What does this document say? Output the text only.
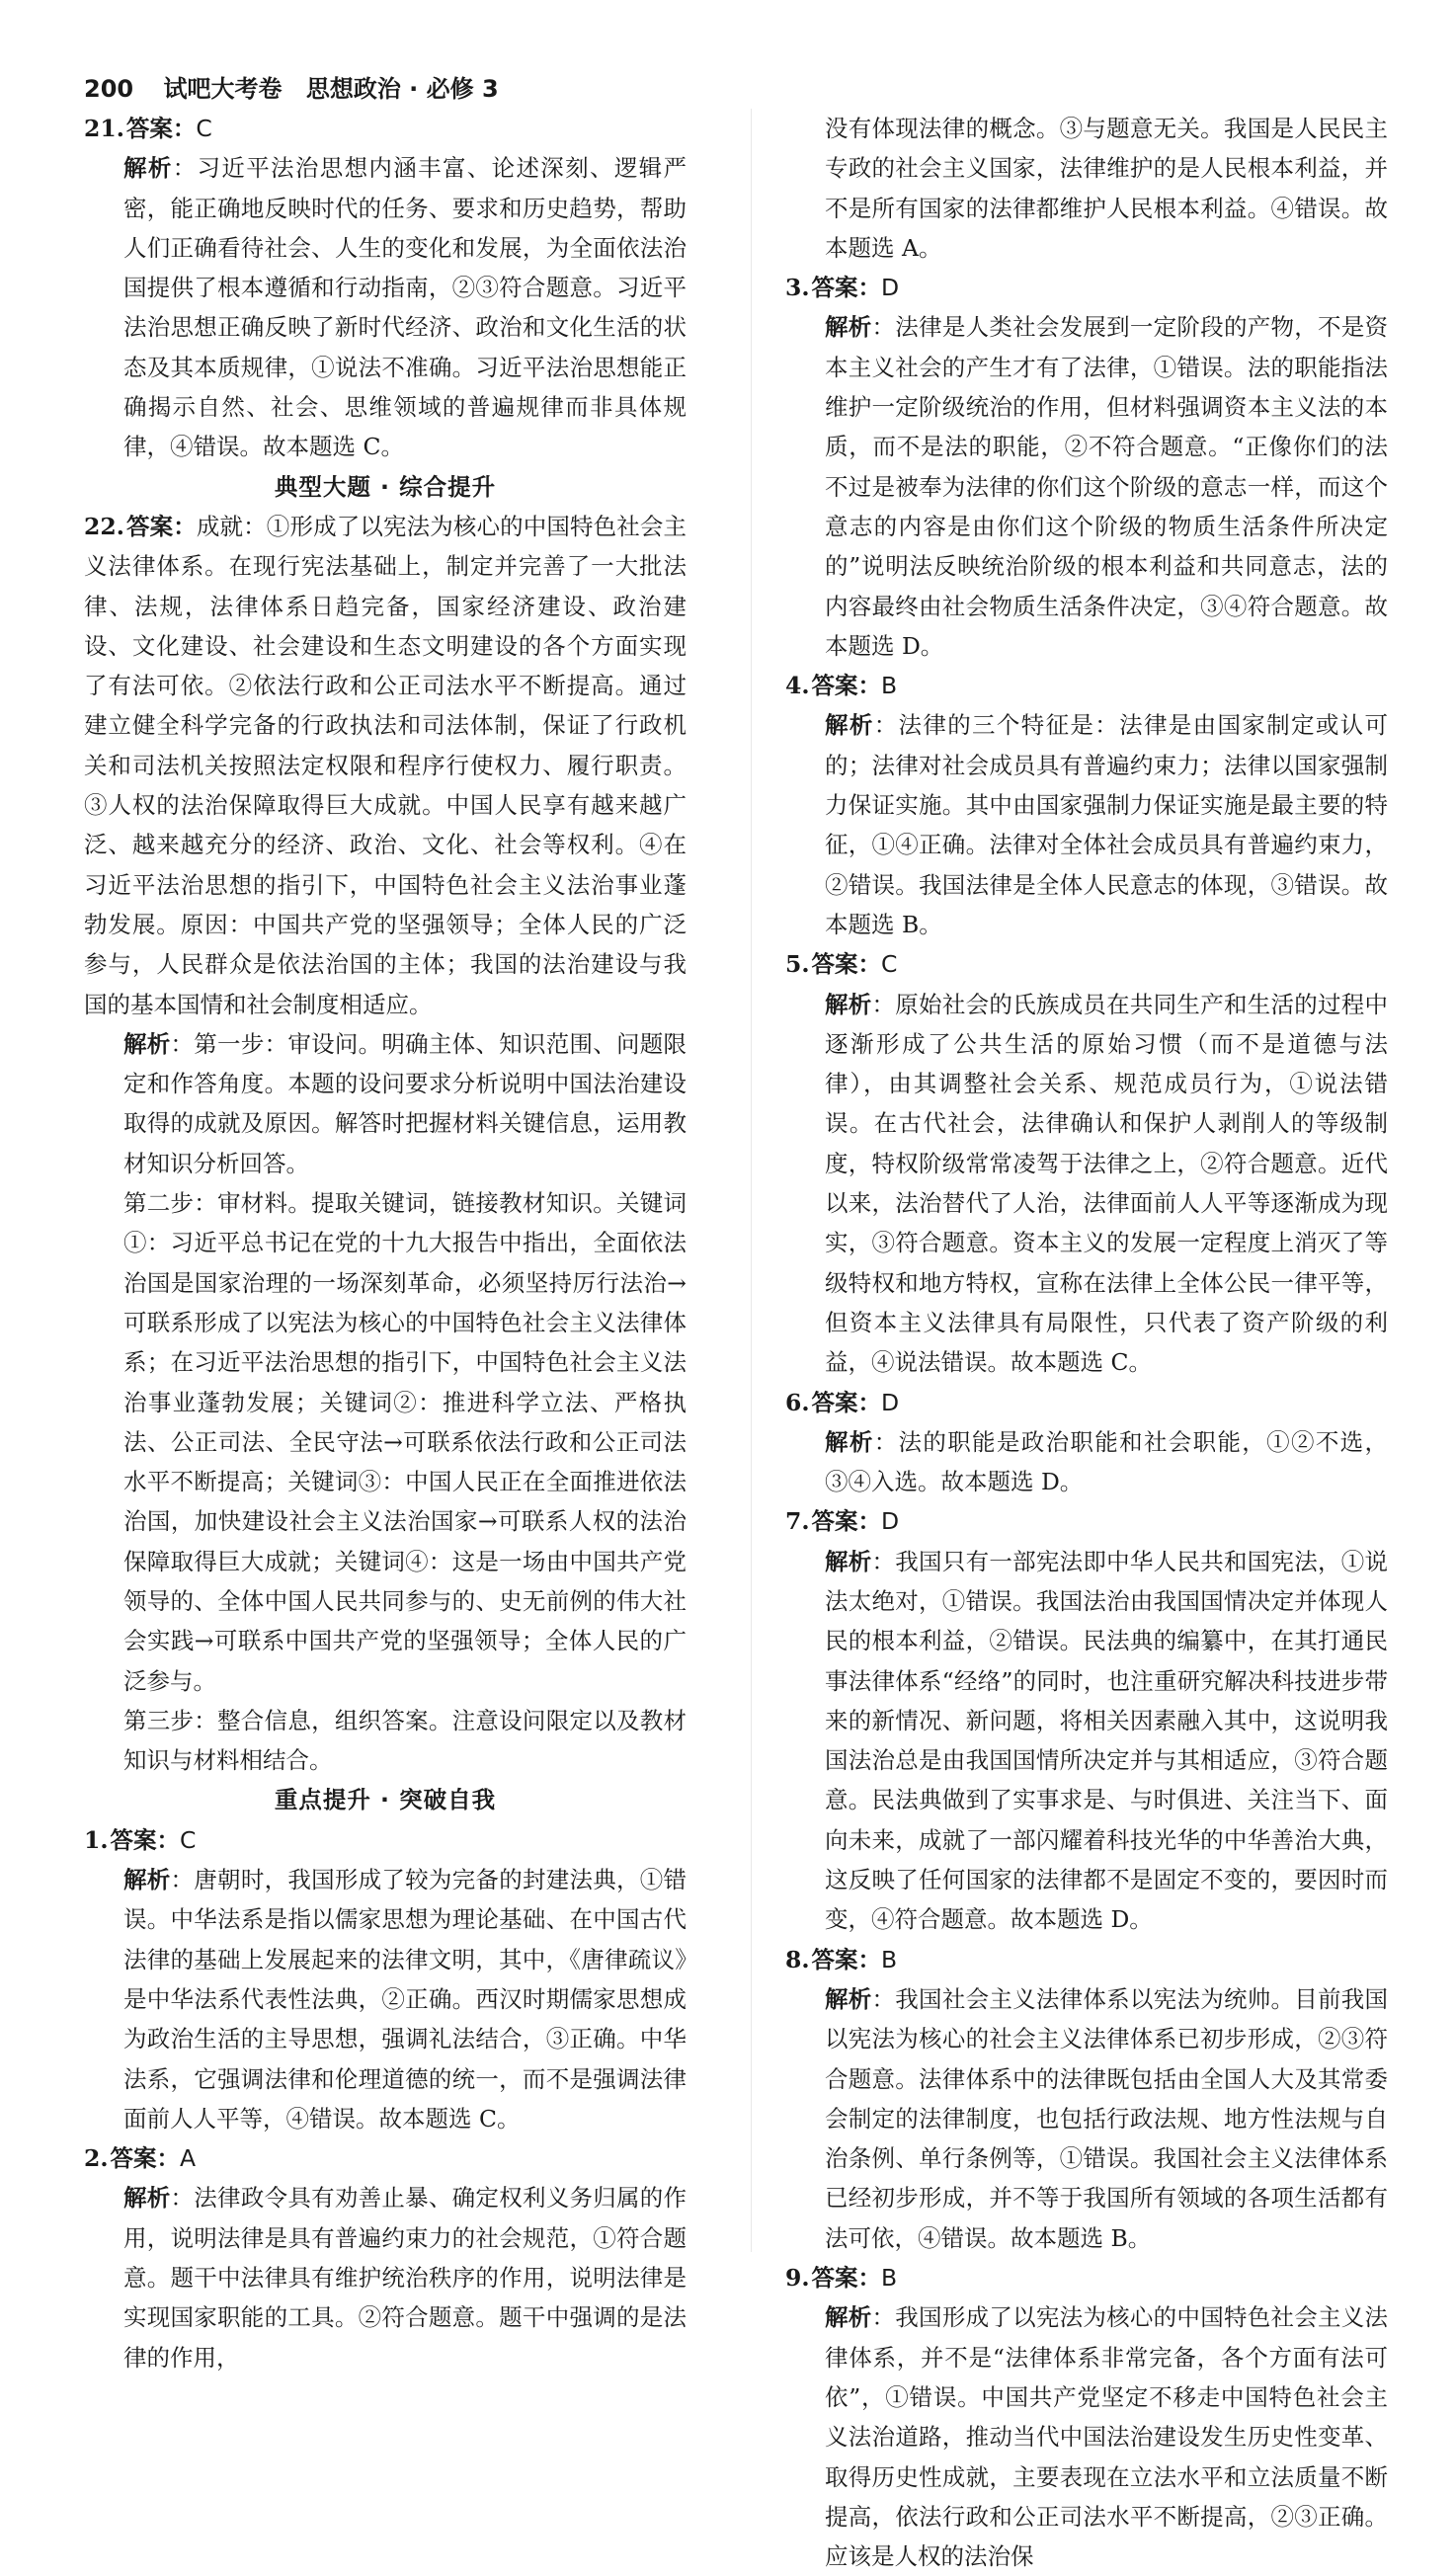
200 试吧大考卷 思想政治 · 必修 3
21.答案：C
解析：习近平法治思想内涵丰富、论述深刻、逻辑严密，能正确地反映时代的任务、要求和历史趋势，帮助人们正确看待社会、人生的变化和发展，为全面依法治国提供了根本遵循和行动指南，②③符合题意。习近平法治思想正确反映了新时代经济、政治和文化生活的状态及其本质规律，①说法不准确。习近平法治思想能正确揭示自然、社会、思维领域的普遍规律而非具体规律，④错误。故本题选 C。
典型大题 · 综合提升
22.答案：成就：①形成了以宪法为核心的中国特色社会主义法律体系。在现行宪法基础上，制定并完善了一大批法律、法规，法律体系日趋完备，国家经济建设、政治建设、文化建设、社会建设和生态文明建设的各个方面实现了有法可依。②依法行政和公正司法水平不断提高。通过建立健全科学完备的行政执法和司法体制，保证了行政机关和司法机关按照法定权限和程序行使权力、履行职责。③人权的法治保障取得巨大成就。中国人民享有越来越广泛、越来越充分的经济、政治、文化、社会等权利。④在习近平法治思想的指引下，中国特色社会主义法治事业蓬勃发展。原因：中国共产党的坚强领导；全体人民的广泛参与，人民群众是依法治国的主体；我国的法治建设与我国的基本国情和社会制度相适应。
解析：第一步：审设问。明确主体、知识范围、问题限定和作答角度。本题的设问要求分析说明中国法治建设取得的成就及原因。解答时把握材料关键信息，运用教材知识分析回答。
第二步：审材料。提取关键词，链接教材知识。关键词①：习近平总书记在党的十九大报告中指出，全面依法治国是国家治理的一场深刻革命，必须坚持厉行法治→可联系形成了以宪法为核心的中国特色社会主义法律体系；在习近平法治思想的指引下，中国特色社会主义法治事业蓬勃发展；关键词②：推进科学立法、严格执法、公正司法、全民守法→可联系依法行政和公正司法水平不断提高；关键词③：中国人民正在全面推进依法治国，加快建设社会主义法治国家→可联系人权的法治保障取得巨大成就；关键词④：这是一场由中国共产党领导的、全体中国人民共同参与的、史无前例的伟大社会实践→可联系中国共产党的坚强领导；全体人民的广泛参与。
第三步：整合信息，组织答案。注意设问限定以及教材知识与材料相结合。
重点提升 · 突破自我
1.答案：C
解析：唐朝时，我国形成了较为完备的封建法典，①错误。中华法系是指以儒家思想为理论基础、在中国古代法律的基础上发展起来的法律文明，其中，《唐律疏议》是中华法系代表性法典，②正确。西汉时期儒家思想成为政治生活的主导思想，强调礼法结合，③正确。中华法系，它强调法律和伦理道德的统一，而不是强调法律面前人人平等，④错误。故本题选 C。
2.答案：A
解析：法律政令具有劝善止暴、确定权利义务归属的作用，说明法律是具有普遍约束力的社会规范，①符合题意。题干中法律具有维护统治秩序的作用，说明法律是实现国家职能的工具。②符合题意。题干中强调的是法律的作用，
没有体现法律的概念。③与题意无关。我国是人民民主专政的社会主义国家，法律维护的是人民根本利益，并不是所有国家的法律都维护人民根本利益。④错误。故本题选 A。
3.答案：D
解析：法律是人类社会发展到一定阶段的产物，不是资本主义社会的产生才有了法律，①错误。法的职能指法维护一定阶级统治的作用，但材料强调资本主义法的本质，而不是法的职能，②不符合题意。“正像你们的法不过是被奉为法律的你们这个阶级的意志一样，而这个意志的内容是由你们这个阶级的物质生活条件所决定的”说明法反映统治阶级的根本利益和共同意志，法的内容最终由社会物质生活条件决定，③④符合题意。故本题选 D。
4.答案：B
解析：法律的三个特征是：法律是由国家制定或认可的；法律对社会成员具有普遍约束力；法律以国家强制力保证实施。其中由国家强制力保证实施是最主要的特征，①④正确。法律对全体社会成员具有普遍约束力，②错误。我国法律是全体人民意志的体现，③错误。故本题选 B。
5.答案：C
解析：原始社会的氏族成员在共同生产和生活的过程中逐渐形成了公共生活的原始习惯（而不是道德与法律），由其调整社会关系、规范成员行为，①说法错误。在古代社会，法律确认和保护人剥削人的等级制度，特权阶级常常凌驾于法律之上，②符合题意。近代以来，法治替代了人治，法律面前人人平等逐渐成为现实，③符合题意。资本主义的发展一定程度上消灭了等级特权和地方特权，宣称在法律上全体公民一律平等，但资本主义法律具有局限性，只代表了资产阶级的利益，④说法错误。故本题选 C。
6.答案：D
解析：法的职能是政治职能和社会职能，①②不选，③④入选。故本题选 D。
7.答案：D
解析：我国只有一部宪法即中华人民共和国宪法，①说法太绝对，①错误。我国法治由我国国情决定并体现人民的根本利益，②错误。民法典的编纂中，在其打通民事法律体系“经络”的同时，也注重研究解决科技进步带来的新情况、新问题，将相关因素融入其中，这说明我国法治总是由我国国情所决定并与其相适应，③符合题意。民法典做到了实事求是、与时俱进、关注当下、面向未来，成就了一部闪耀着科技光华的中华善治大典，这反映了任何国家的法律都不是固定不变的，要因时而变，④符合题意。故本题选 D。
8.答案：B
解析：我国社会主义法律体系以宪法为统帅。目前我国以宪法为核心的社会主义法律体系已初步形成，②③符合题意。法律体系中的法律既包括由全国人大及其常委会制定的法律制度，也包括行政法规、地方性法规与自治条例、单行条例等，①错误。我国社会主义法律体系已经初步形成，并不等于我国所有领域的各项生活都有法可依，④错误。故本题选 B。
9.答案：B
解析：我国形成了以宪法为核心的中国特色社会主义法律体系，并不是“法律体系非常完备，各个方面有法可依”，①错误。中国共产党坚定不移走中国特色社会主义法治道路，推动当代中国法治建设发生历史性变革、取得历史性成就，主要表现在立法水平和立法质量不断提高，依法行政和公正司法水平不断提高，②③正确。应该是人权的法治保
